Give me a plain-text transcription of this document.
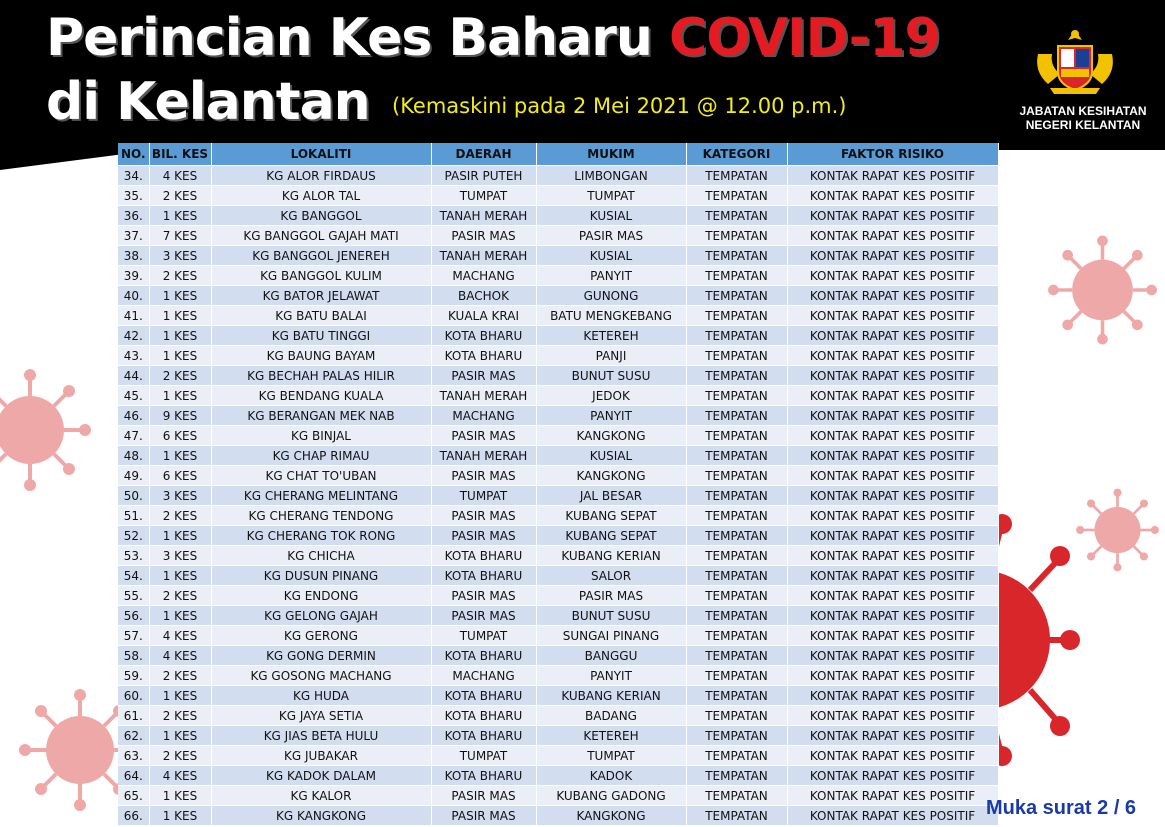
Perincian Kes Baharu COVID-19
di Kelantan (Kemaskini pada 2 Mei 2021 @ 12.00 p.m.)	JABATAN KESIHATAN
NEGERI KELANTAN
NO.	BIL. KES	LOKALITI	DAERAH	MUKIM	KATEGORI	FAKTOR RISIKO
34.	4 KES	KG ALOR FIRDAUS	PASIR PUTEH	LIMBONGAN	TEMPATAN	KONTAK RAPAT KES POSITIF
35.	2 KES	KG ALOR TAL	TUMPAT	TUMPAT	TEMPATAN	KONTAK RAPAT KES POSITIF
36.	1 KES	KG BANGGOL	TANAH MERAH	KUSIAL	TEMPATAN	KONTAK RAPAT KES POSITIF
37.	7 KES	KG BANGGOL GAJAH MATI	PASIR MAS	PASIR MAS	TEMPATAN	KONTAK RAPAT KES POSITIF
38.	3 KES	KG BANGGOL JENEREH	TANAH MERAH	KUSIAL	TEMPATAN	KONTAK RAPAT KES POSITIF
39.	2 KES	KG BANGGOL KULIM	MACHANG	PANYIT	TEMPATAN	KONTAK RAPAT KES POSITIF
40.	1 KES	KG BATOR JELAWAT	BACHOK	GUNONG	TEMPATAN	KONTAK RAPAT KES POSITIF
41.	1 KES	KG BATU BALAI	KUALA KRAI	BATU MENGKEBANG	TEMPATAN	KONTAK RAPAT KES POSITIF
42.	1 KES	KG BATU TINGGI	KOTA BHARU	KETEREH	TEMPATAN	KONTAK RAPAT KES POSITIF
43.	1 KES	KG BAUNG BAYAM	KOTA BHARU	PANJI	TEMPATAN	KONTAK RAPAT KES POSITIF
44.	2 KES	KG BECHAH PALAS HILIR	PASIR MAS	BUNUT SUSU	TEMPATAN	KONTAK RAPAT KES POSITIF
45.	1 KES	KG BENDANG KUALA	TANAH MERAH	JEDOK	TEMPATAN	KONTAK RAPAT KES POSITIF
46.	9 KES	KG BERANGAN MEK NAB	MACHANG	PANYIT	TEMPATAN	KONTAK RAPAT KES POSITIF
47.	6 KES	KG BINJAL	PASIR MAS	KANGKONG	TEMPATAN	KONTAK RAPAT KES POSITIF
48.	1 KES	KG CHAP RIMAU	TANAH MERAH	KUSIAL	TEMPATAN	KONTAK RAPAT KES POSITIF
49.	6 KES	KG CHAT TO'UBAN	PASIR MAS	KANGKONG	TEMPATAN	KONTAK RAPAT KES POSITIF
50.	3 KES	KG CHERANG MELINTANG	TUMPAT	JAL BESAR	TEMPATAN	KONTAK RAPAT KES POSITIF
51.	2 KES	KG CHERANG TENDONG	PASIR MAS	KUBANG SEPAT	TEMPATAN	KONTAK RAPAT KES POSITIF
52.	1 KES	KG CHERANG TOK RONG	PASIR MAS	KUBANG SEPAT	TEMPATAN	KONTAK RAPAT KES POSITIF
53.	3 KES	KG CHICHA	KOTA BHARU	KUBANG KERIAN	TEMPATAN	KONTAK RAPAT KES POSITIF
54.	1 KES	KG DUSUN PINANG	KOTA BHARU	SALOR	TEMPATAN	KONTAK RAPAT KES POSITIF
55.	2 KES	KG ENDONG	PASIR MAS	PASIR MAS	TEMPATAN	KONTAK RAPAT KES POSITIF
56.	1 KES	KG GELONG GAJAH	PASIR MAS	BUNUT SUSU	TEMPATAN	KONTAK RAPAT KES POSITIF
57.	4 KES	KG GERONG	TUMPAT	SUNGAI PINANG	TEMPATAN	KONTAK RAPAT KES POSITIF
58.	4 KES	KG GONG DERMIN	KOTA BHARU	BANGGU	TEMPATAN	KONTAK RAPAT KES POSITIF
59.	2 KES	KG GOSONG MACHANG	MACHANG	PANYIT	TEMPATAN	KONTAK RAPAT KES POSITIF
60.	1 KES	KG HUDA	KOTA BHARU	KUBANG KERIAN	TEMPATAN	KONTAK RAPAT KES POSITIF
61.	2 KES	KG JAYA SETIA	KOTA BHARU	BADANG	TEMPATAN	KONTAK RAPAT KES POSITIF
62.	1 KES	KG JIAS BETA HULU	KOTA BHARU	KETEREH	TEMPATAN	KONTAK RAPAT KES POSITIF
63.	2 KES	KG JUBAKAR	TUMPAT	TUMPAT	TEMPATAN	KONTAK RAPAT KES POSITIF
64.	4 KES	KG KADOK DALAM	KOTA BHARU	KADOK	TEMPATAN	KONTAK RAPAT KES POSITIF
65.	1 KES	KG KALOR	PASIR MAS	KUBANG GADONG	TEMPATAN	KONTAK RAPAT KES POSITIF
66.	1 KES	KG KANGKONG	PASIR MAS	KANGKONG	TEMPATAN	KONTAK RAPAT KES POSITIF Muka surat 2 / 6
